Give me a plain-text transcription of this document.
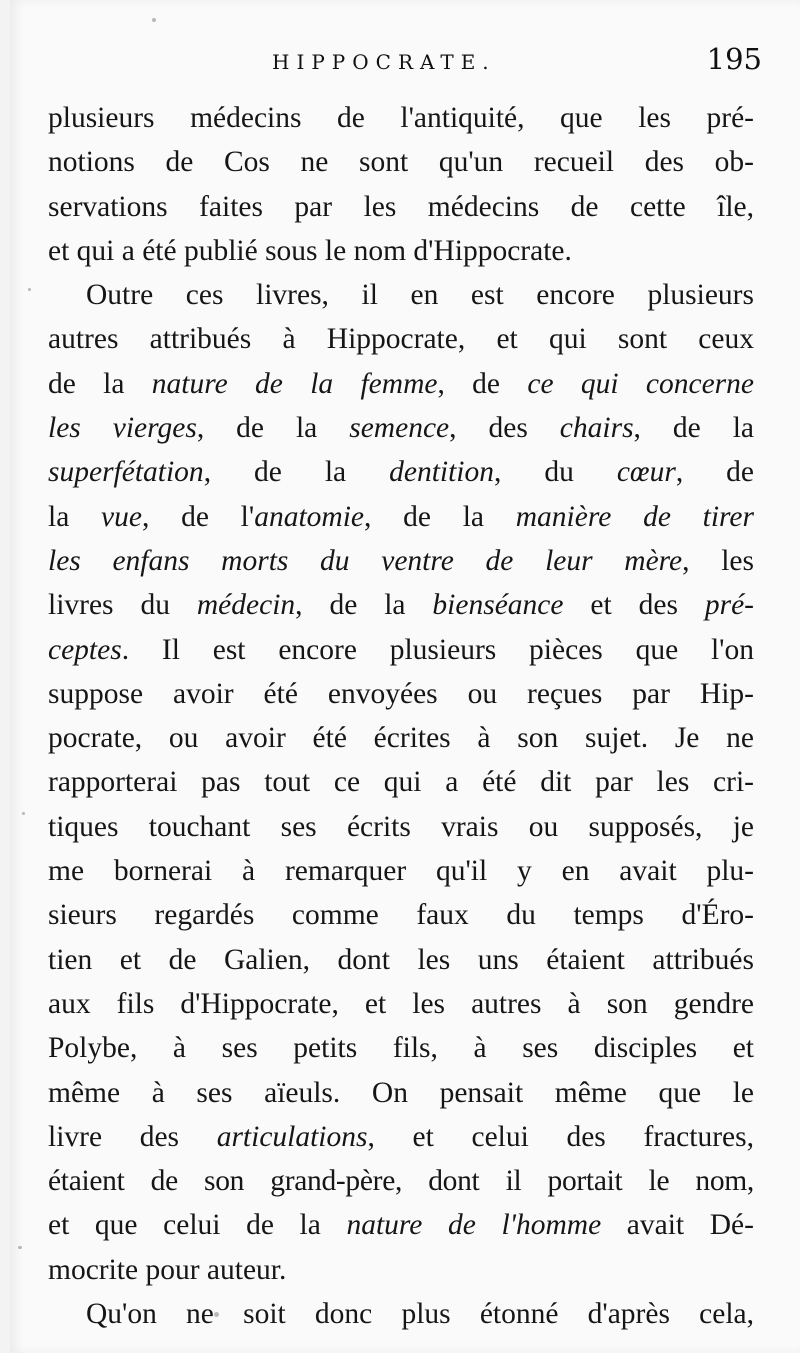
HIPPOCRATE.	195
plusieurs médecins de l'antiquité, que les pré-
notions de Cos ne sont qu'un recueil des ob-
servations faites par les médecins de cette île,
et qui a été publié sous le nom d'Hippocrate.
Outre ces livres, il en est encore plusieurs
autres attribués à Hippocrate, et qui sont ceux
de la nature de la femme, de ce qui concerne
les vierges, de la semence, des chairs, de la
superfétation, de la dentition, du cœur, de
la vue, de l'anatomie, de la manière de tirer
les enfans morts du ventre de leur mère, les
livres du médecin, de la bienséance et des pré-
ceptes. Il est encore plusieurs pièces que l'on
suppose avoir été envoyées ou reçues par Hip-
pocrate, ou avoir été écrites à son sujet. Je ne
rapporterai pas tout ce qui a été dit par les cri-
tiques touchant ses écrits vrais ou supposés, je
me bornerai à remarquer qu'il y en avait plu-
sieurs regardés comme faux du temps d'Éro-
tien et de Galien, dont les uns étaient attribués
aux fils d'Hippocrate, et les autres à son gendre
Polybe, à ses petits fils, à ses disciples et
même à ses aïeuls. On pensait même que le
livre des articulations, et celui des fractures,
étaient de son grand-père, dont il portait le nom,
et que celui de la nature de l'homme avait Dé-
mocrite pour auteur.
Qu'on ne soit donc plus étonné d'après cela,
